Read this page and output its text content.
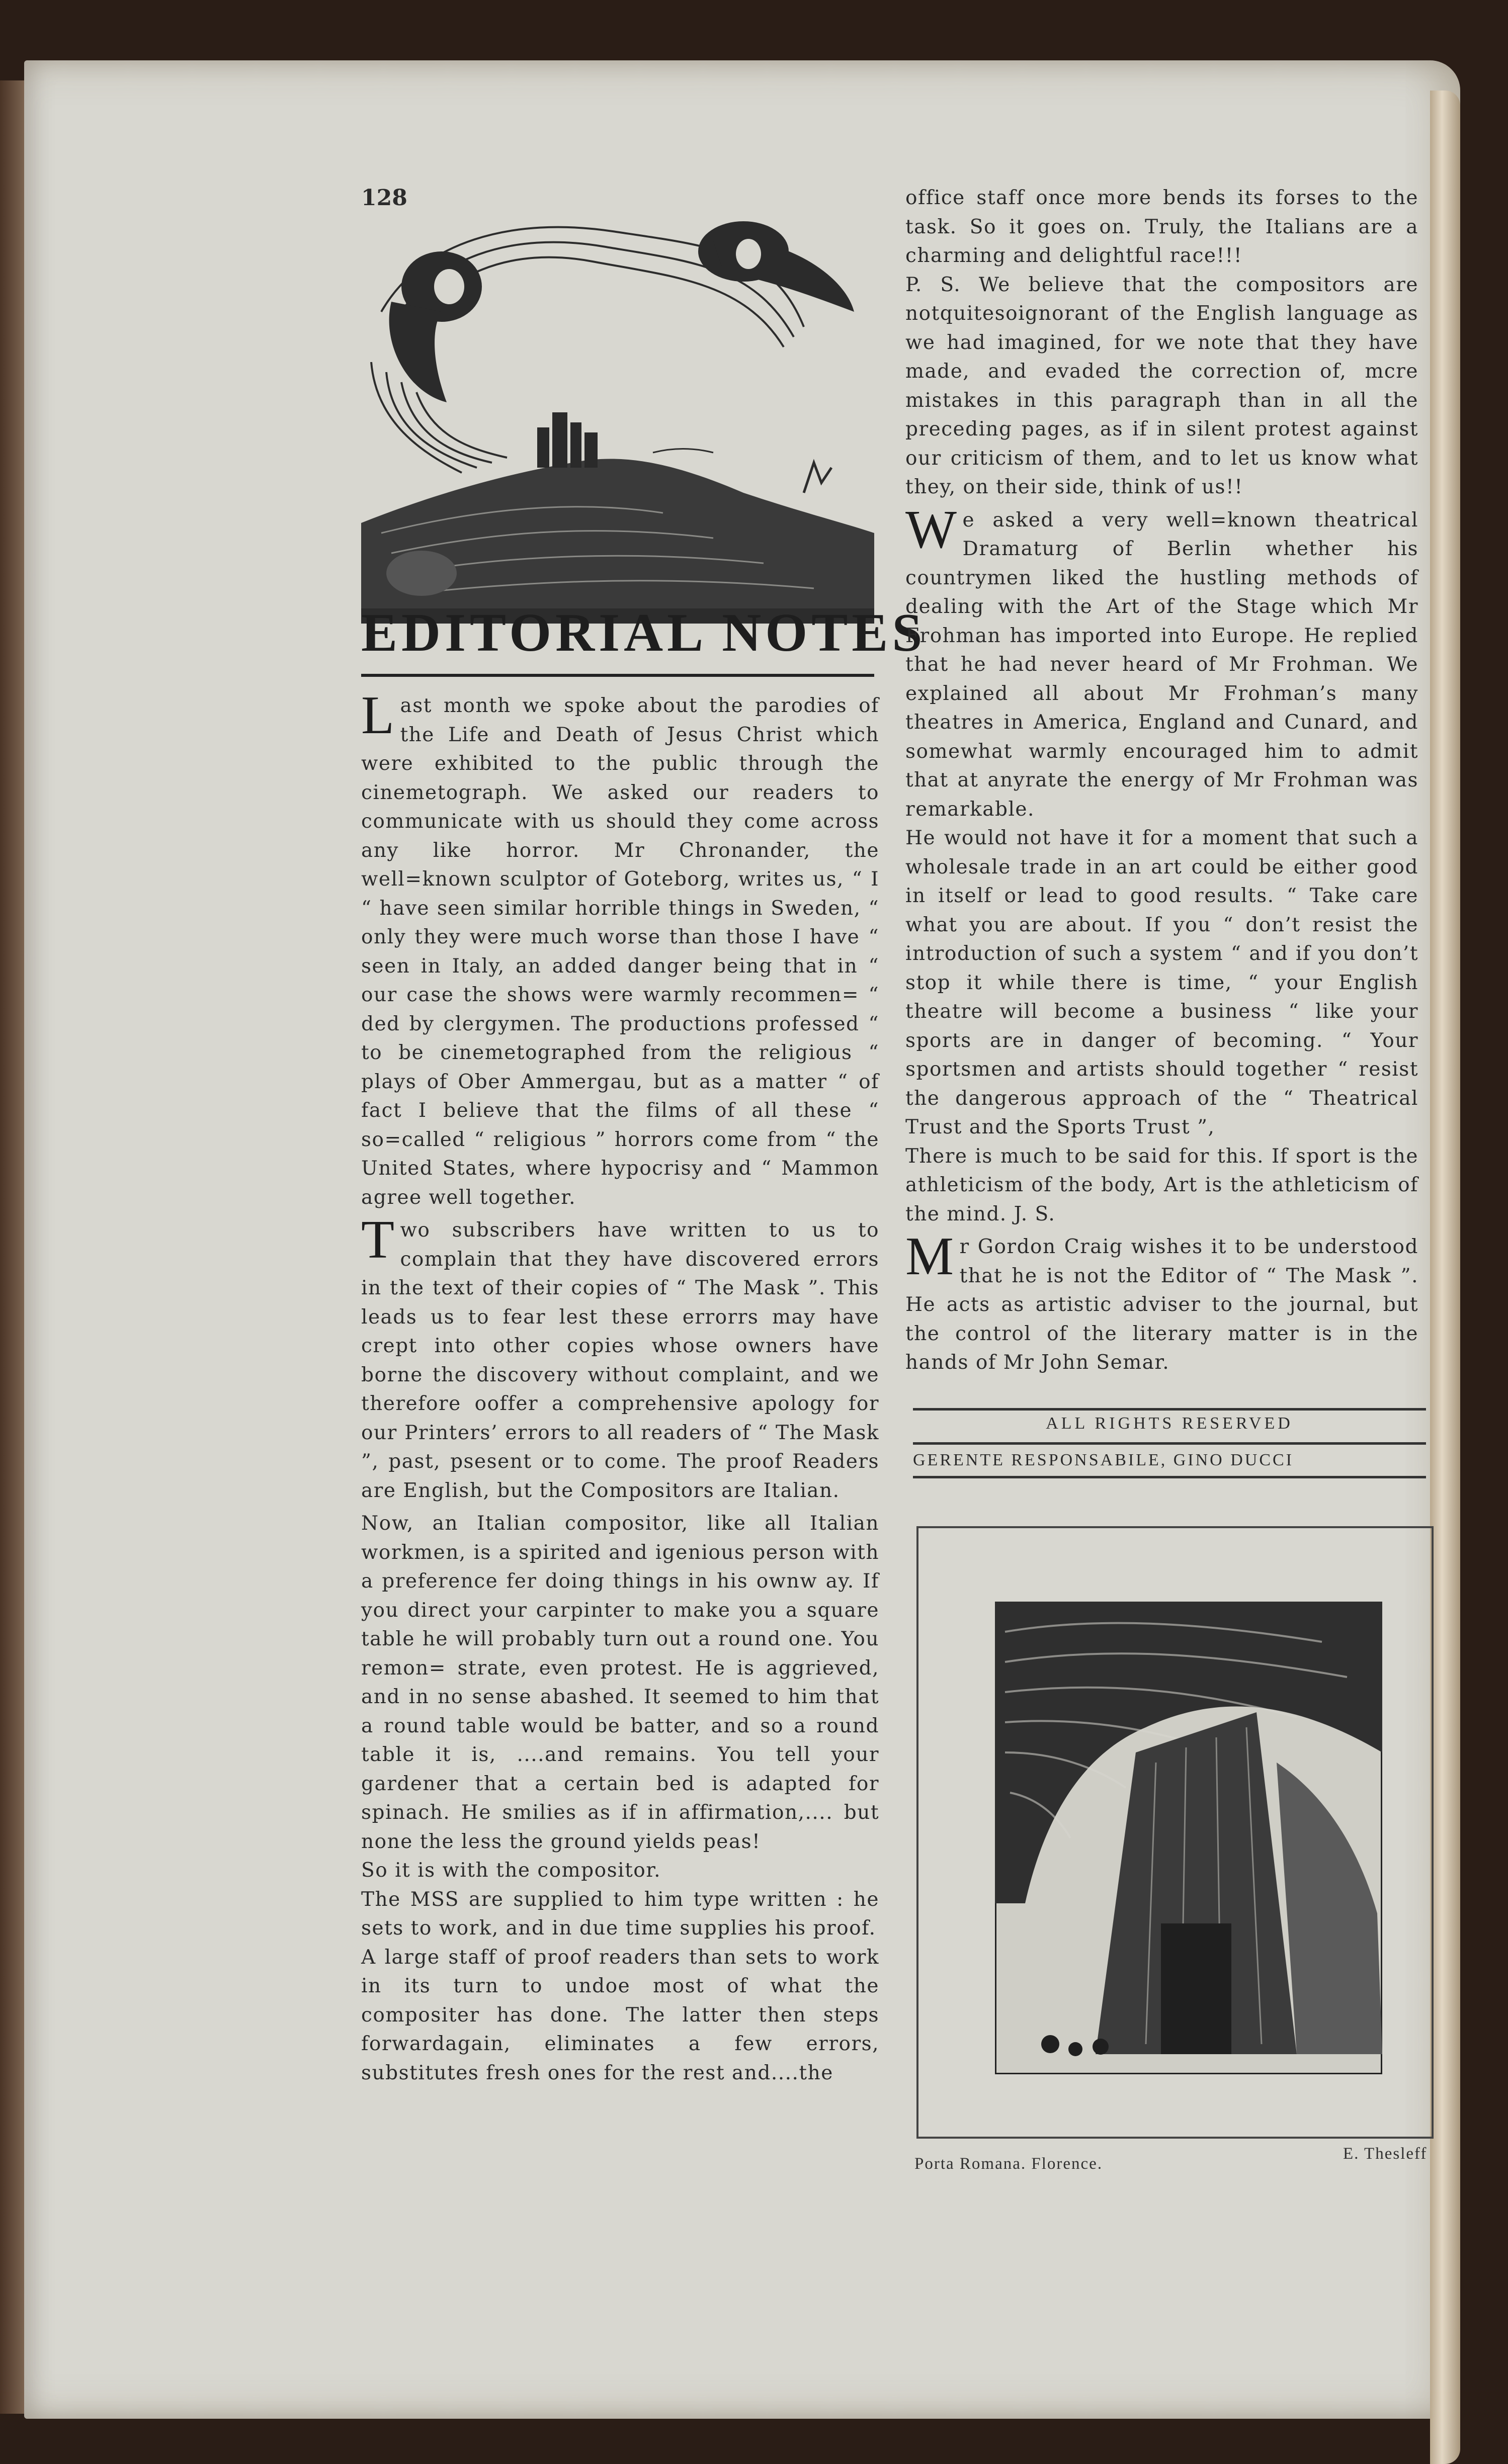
128
EDITORIAL NOTES

Last month we spoke about the parodies of the Life and Death of Jesus Christ which were exhibited to the public through the cinemetograph. We asked our readers to communicate with us should they come across any like horror. Mr Chronander, the well=known sculptor of Goteborg, writes us, “ I “ have seen similar horrible things in Sweden, “ only they were much worse than those I have “ seen in Italy, an added danger being that in “ our case the shows were warmly recommen= “ ded by clergymen. The productions professed “ to be cinemetographed from the religious “ plays of Ober Ammergau, but as a matter “ of fact I believe that the films of all these “ so=called “ religious ” horrors come from “ the United States, where hypocrisy and “ Mammon agree well together.

Two subscribers have written to us to complain that they have discovered errors in the text of their copies of “ The Mask ”. This leads us to fear lest these errorrs may have crept into other copies whose owners have borne the discovery without complaint, and we therefore ooffer a comprehensive apology for our Printers’ errors to all readers of “ The Mask ”, past, psesent or to come. The proof Readers are English, but the Compositors are Italian.

Now, an Italian compositor, like all Italian workmen, is a spirited and igenious person with a preference fer doing things in his ownw ay. If you direct your carpinter to make you a square table he will probably turn out a round one. You remon= strate, even protest. He is aggrieved, and in no sense abashed. It seemed to him that a round table would be batter, and so a round table it is, ....and remains. You tell your gardener that a certain bed is adapted for spinach. He smilies as if in affirmation,.... but none the less the ground yields peas!

So it is with the compositor.

The MSS are supplied to him type written : he sets to work, and in due time supplies his proof.

A large staff of proof readers than sets to work in its turn to undoe most of what the compositer has done. The latter then steps forwardagain, eliminates a few errors, substitutes fresh ones for the rest and....the

office staff once more bends its forses to the task. So it goes on. Truly, the Italians are a charming and delightful race!!!

P. S. We believe that the compositors are notquitesoignorant of the English language as we had imagined, for we note that they have made, and evaded the correction of, mcre mistakes in this paragraph than in all the preceding pages, as if in silent protest against our criticism of them, and to let us know what they, on their side, think of us!!

We asked a very well=known theatrical Dramaturg of Berlin whether his countrymen liked the hustling methods of dealing with the Art of the Stage which Mr Frohman has imported into Europe. He replied that he had never heard of Mr Frohman. We explained all about Mr Frohman’s many theatres in America, England and Cunard, and somewhat warmly encouraged him to admit that at anyrate the energy of Mr Frohman was remarkable.

He would not have it for a moment that such a wholesale trade in an art could be either good in itself or lead to good results. “ Take care what you are about. If you “ don’t resist the introduction of such a system “ and if you don’t stop it while there is time, “ your English theatre will become a business “ like your sports are in danger of becoming. “ Your sportsmen and artists should together “ resist the dangerous approach of the “ Theatrical Trust and the Sports Trust ”,

There is much to be said for this. If sport is the athleticism of the body, Art is the athleticism of the mind. J. S.

Mr Gordon Craig wishes it to be understood that he is not the Editor of “ The Mask ”. He acts as artistic adviser to the journal, but the control of the literary matter is in the hands of Mr John Semar.

ALL RIGHTS RESERVED
GERENTE RESPONSABILE, GINO DUCCI
Porta Romana. Florence.
E. Thesleff
